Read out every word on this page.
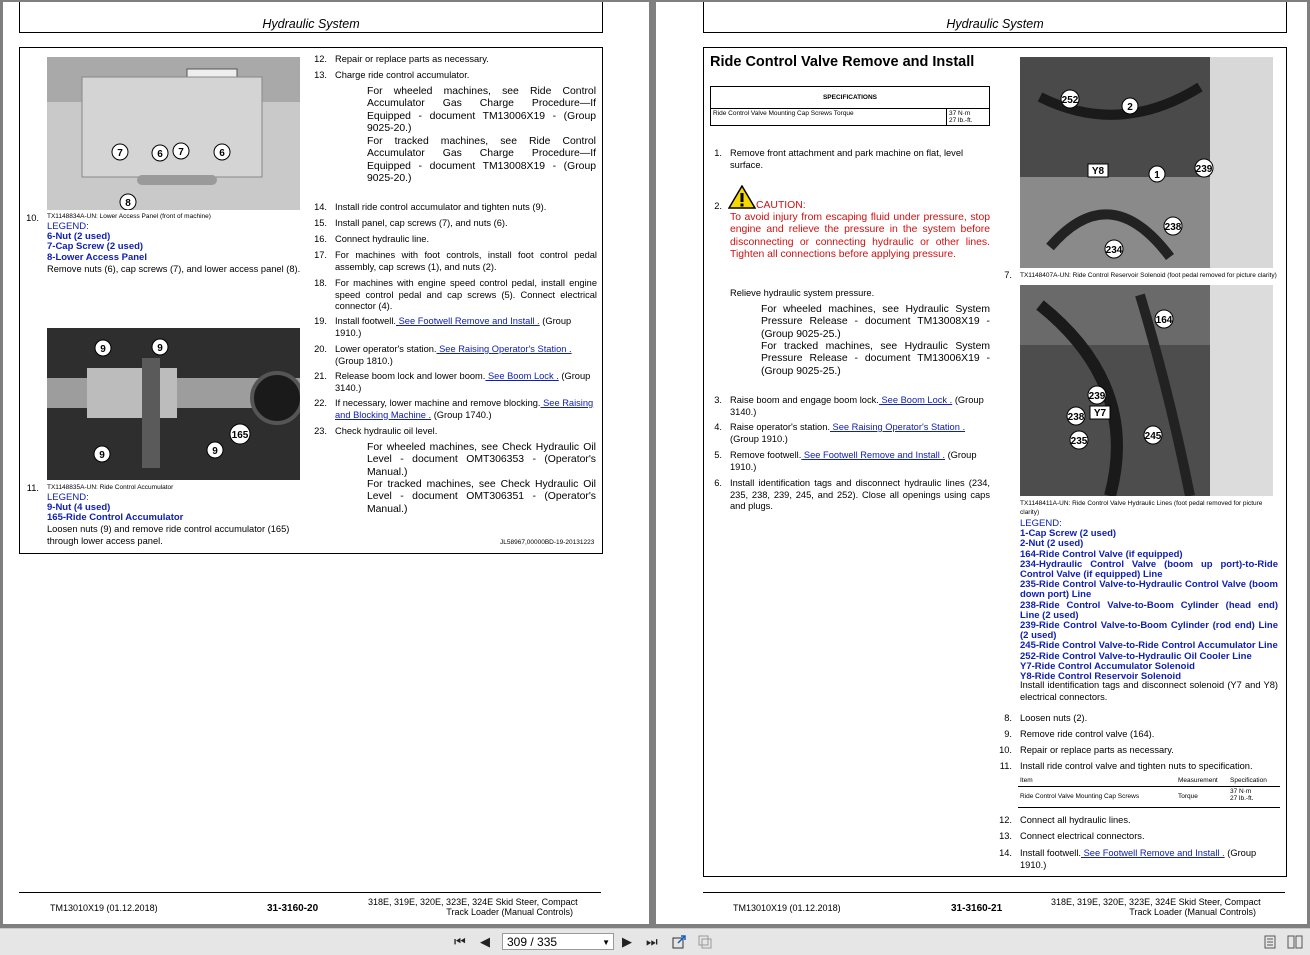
Hydraulic System
7	6 7	6
8
TX1148834A-UN: Lower Access Panel (front of machine)
10.
LEGEND:
6-Nut (2 used)
7-Cap Screw (2 used)
8-Lower Access Panel
Remove nuts (6), cap screws (7), and lower access panel (8).
9	9
165
9	9
TX1148835A-UN: Ride Control Accumulator
11.
LEGEND:
9-Nut (4 used)
165-Ride Control Accumulator
Loosen nuts (9) and remove ride control accumulator (165) through lower access panel.
12. Repair or replace parts as necessary.
13. Charge ride control accumulator.
For wheeled machines, see Ride Control Accumulator Gas Charge Procedure—If Equipped - document TM13006X19 - (Group 9025-20.)
For tracked machines, see Ride Control Accumulator Gas Charge Procedure—If Equipped - document TM13008X19 - (Group 9025-20.)
14. Install ride control accumulator and tighten nuts (9).
15. Install panel, cap screws (7), and nuts (6).
16. Connect hydraulic line.
17. For machines with foot controls, install foot control pedal assembly, cap screws (1), and nuts (2).
18. For machines with engine speed control pedal, install engine speed control pedal and cap screws (5). Connect electrical connector (4).
19. Install footwell. See Footwell Remove and Install . (Group 1910.)
20. Lower operator's station. See Raising Operator's Station . (Group 1810.)
21. Release boom lock and lower boom. See Boom Lock . (Group 3140.)
22. If necessary, lower machine and remove blocking. See Raising and Blocking Machine . (Group 1740.)
23. Check hydraulic oil level.
For wheeled machines, see Check Hydraulic Oil Level - document OMT306353 - (Operator's Manual.)
For tracked machines, see Check Hydraulic Oil Level - document OMT306351 - (Operator's Manual.)
JL58967,00000BD-19-20131223
TM13010X19 (01.12.2018)	31-3160-20
318E, 319E, 320E, 323E, 324E Skid Steer, Compact
Track Loader (Manual Controls)
Hydraulic System
Ride Control Valve Remove and Install
SPECIFICATIONS
Ride Control Valve Mounting Cap Screws Torque	37 N·m
27 lb.-ft.
1. Remove front attachment and park machine on flat, level surface.
2.	CAUTION:
To avoid injury from escaping fluid under pressure, stop engine and relieve the pressure in the system before disconnecting or connecting hydraulic or other lines. Tighten all connections before applying pressure.
Relieve hydraulic system pressure.
For wheeled machines, see Hydraulic System Pressure Release - document TM13008X19 - (Group 9025-25.)
For tracked machines, see Hydraulic System Pressure Release - document TM13006X19 - (Group 9025-25.)
3. Raise boom and engage boom lock. See Boom Lock . (Group 3140.)
4. Raise operator's station. See Raising Operator's Station . (Group 1910.)
5. Remove footwell. See Footwell Remove and Install . (Group 1910.)
6. Install identification tags and disconnect hydraulic lines (234, 235, 238, 239, 245, and 252). Close all openings using caps and plugs.
252
2
Y8	1
239
238
234
7. TX1148407A-UN: Ride Control Reservoir Solenoid (foot pedal removed for picture clarity)
164
239
Y7
238
235	245
TX1148411A-UN: Ride Control Valve Hydraulic Lines (foot pedal removed for picture clarity)
LEGEND:
1-Cap Screw (2 used)
2-Nut (2 used)
164-Ride Control Valve (if equipped)
234-Hydraulic Control Valve (boom up port)-to-Ride Control Valve (if equipped) Line
235-Ride Control Valve-to-Hydraulic Control Valve (boom down port) Line
238-Ride Control Valve-to-Boom Cylinder (head end) Line (2 used)
239-Ride Control Valve-to-Boom Cylinder (rod end) Line (2 used)
245-Ride Control Valve-to-Ride Control Accumulator Line
252-Ride Control Valve-to-Hydraulic Oil Cooler Line
Y7-Ride Control Accumulator Solenoid
Y8-Ride Control Reservoir Solenoid
Install identification tags and disconnect solenoid (Y7 and Y8) electrical connectors.
8. Loosen nuts (2).
9. Remove ride control valve (164).
10. Repair or replace parts as necessary.
11. Install ride control valve and tighten nuts to specification.
Item	Measurement Specification
Ride Control Valve Mounting Cap Screws	Torque
37 N·m
27 lb.-ft.
12. Connect all hydraulic lines.
13. Connect electrical connectors.
14. Install footwell. See Footwell Remove and Install . (Group 1910.)
TM13010X19 (01.12.2018)	31-3160-21
318E, 319E, 320E, 323E, 324E Skid Steer, Compact
Track Loader (Manual Controls)
⏮ ◀	309 / 335	▼ ▶ ⏭
